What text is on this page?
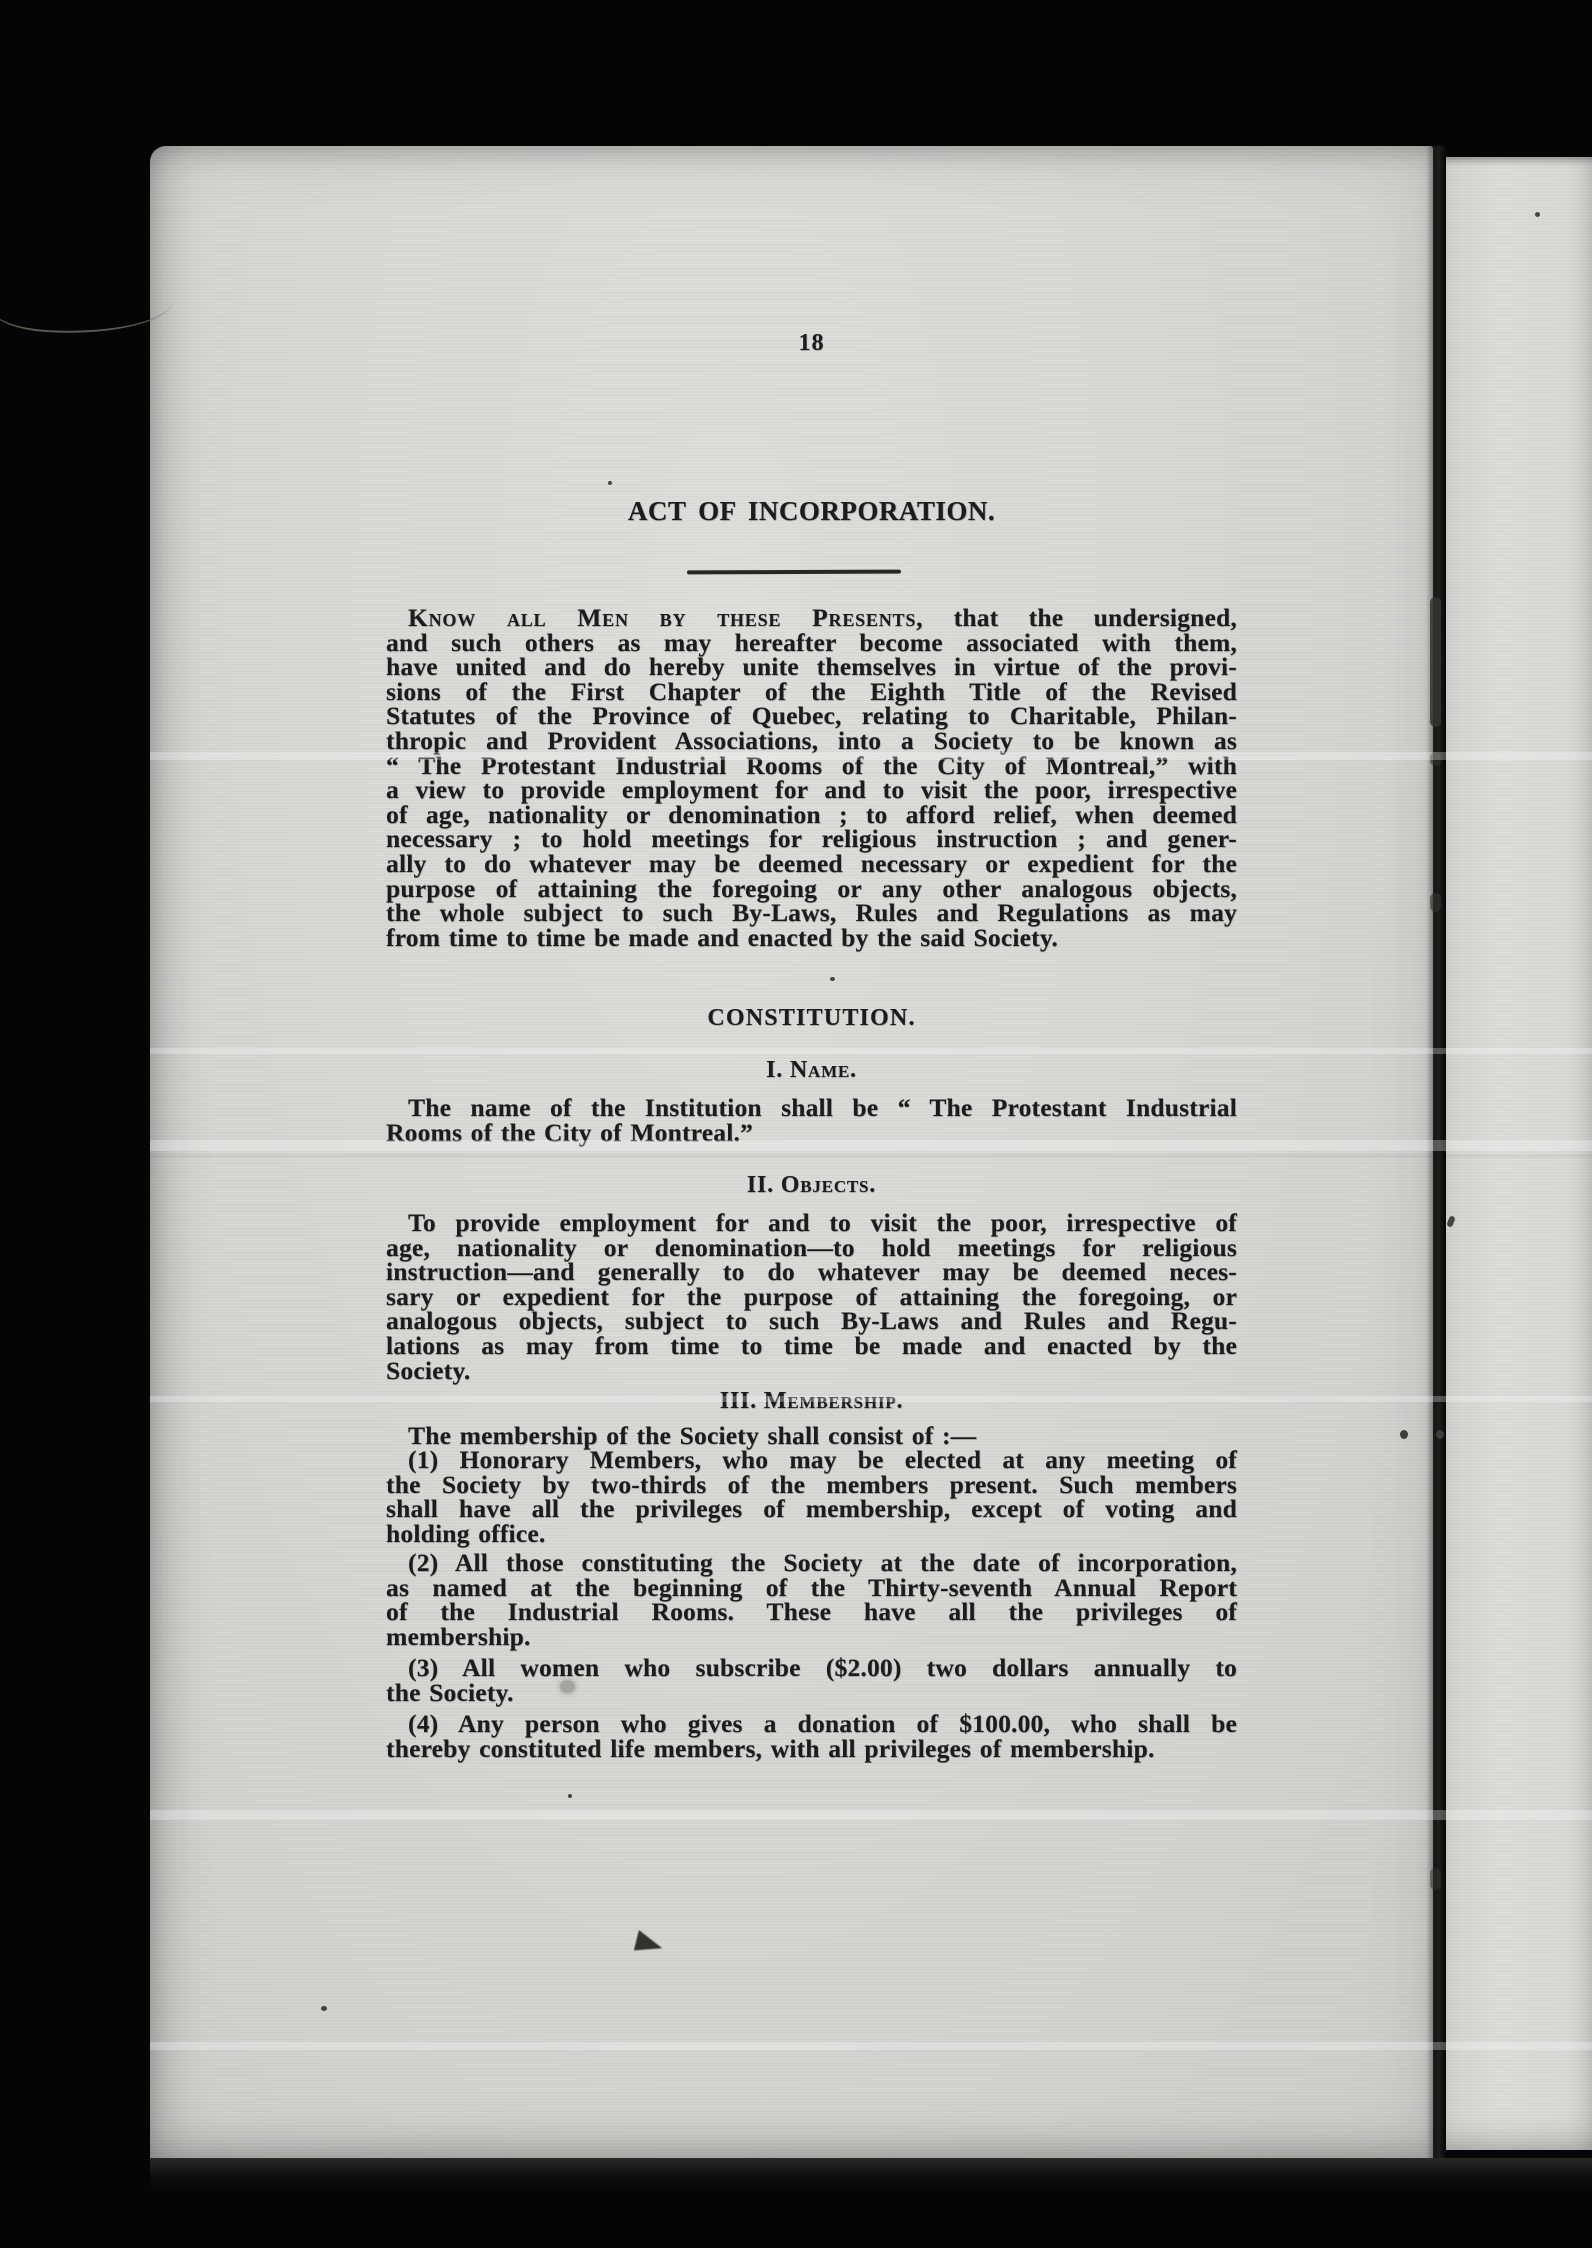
18
ACT OF INCORPORATION.
Know all Men by these Presents, that the undersigned,
and such others as may hereafter become associated with them,
have united and do hereby unite themselves in virtue of the provi-
sions of the First Chapter of the Eighth Title of the Revised
Statutes of the Province of Quebec, relating to Charitable, Philan-
thropic and Provident Associations, into a Society to be known as
“ The Protestant Industrial Rooms of the City of Montreal,” with
a view to provide employment for and to visit the poor, irrespective
of age, nationality or denomination ; to afford relief, when deemed
necessary ; to hold meetings for religious instruction ; and gener-
ally to do whatever may be deemed necessary or expedient for the
purpose of attaining the foregoing or any other analogous objects,
the whole subject to such By-Laws, Rules and Regulations as may
from time to time be made and enacted by the said Society.
CONSTITUTION.
I. Name.
The name of the Institution shall be “ The Protestant Industrial
Rooms of the City of Montreal.”
II. Objects.
To provide employment for and to visit the poor, irrespective of
age, nationality or denomination—to hold meetings for religious
instruction—and generally to do whatever may be deemed neces-
sary or expedient for the purpose of attaining the foregoing, or
analogous objects, subject to such By-Laws and Rules and Regu-
lations as may from time to time be made and enacted by the
Society.
III. Membership.
The membership of the Society shall consist of :—
(1) Honorary Members, who may be elected at any meeting of
the Society by two-thirds of the members present. Such members
shall have all the privileges of membership, except of voting and
holding office.
(2) All those constituting the Society at the date of incorporation,
as named at the beginning of the Thirty-seventh Annual Report
of the Industrial Rooms. These have all the privileges of
membership.
(3) All women who subscribe ($2.00) two dollars annually to
the Society.
(4) Any person who gives a donation of $100.00, who shall be
thereby constituted life members, with all privileges of membership.
